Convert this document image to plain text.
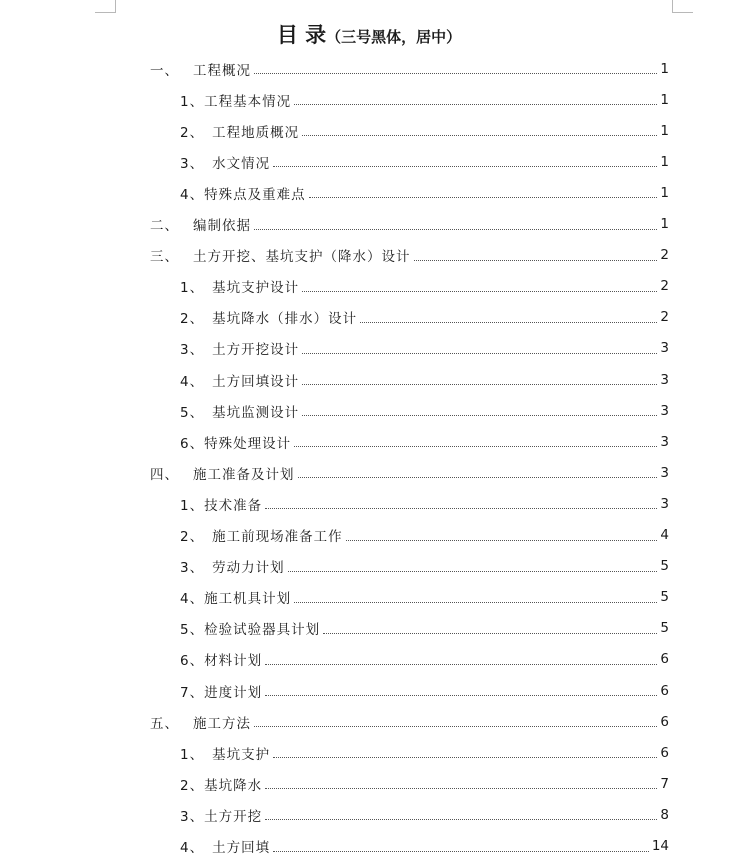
目 录（三号黑体，居中）
一、 工程概况	1
1、 工程基本情况	1
2、 工程地质概况	1
3、 水文情况	1
4、 特殊点及重难点	1
二、 编制依据	1
三、 土方开挖、基坑支护（降水）设计	2
1、 基坑支护设计	2
2、 基坑降水（排水）设计	2
3、 土方开挖设计	3
4、 土方回填设计	3
5、 基坑监测设计	3
6、 特殊处理设计	3
四、 施工准备及计划	3
1、 技术准备	3
2、 施工前现场准备工作	4
3、 劳动力计划	5
4、 施工机具计划	5
5、 检验试验器具计划	5
6、 材料计划	6
7、 进度计划	6
五、 施工方法	6
1、 基坑支护	6
2、 基坑降水	7
3、 土方开挖	8
4、 土方回填	14
